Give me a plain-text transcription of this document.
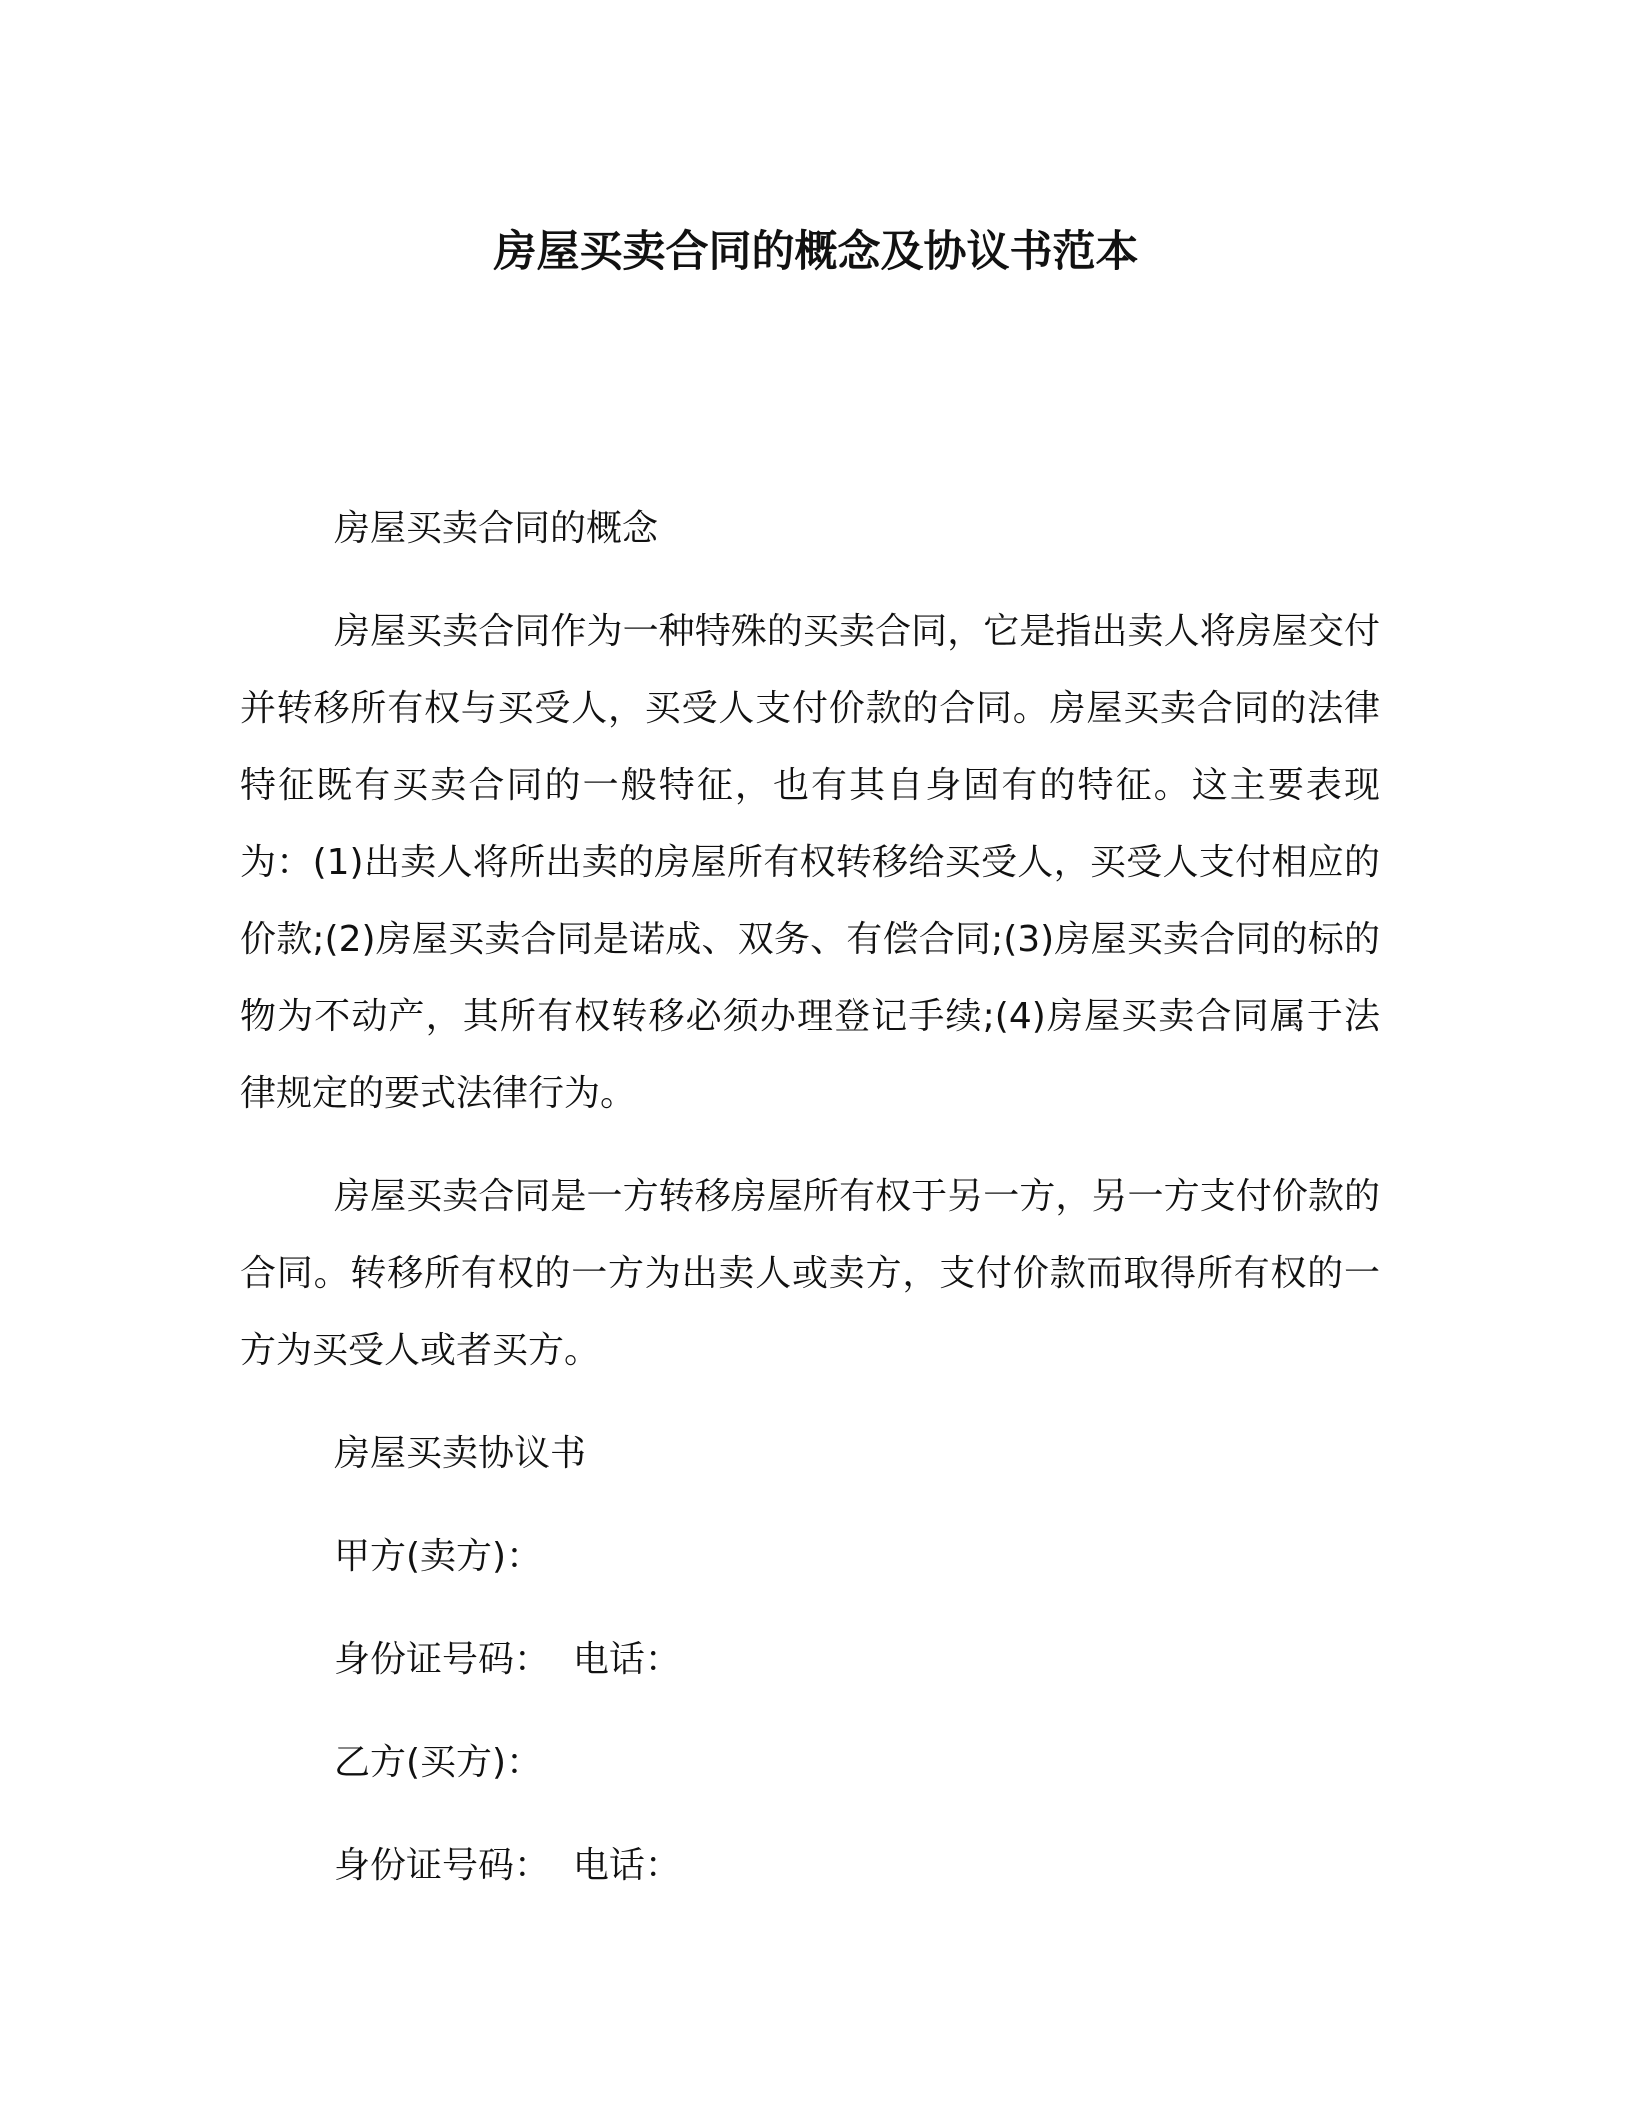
房屋买卖合同的概念及协议书范本

房屋买卖合同的概念

房屋买卖合同作为一种特殊的买卖合同，它是指出卖人将房屋交付并转移所有权与买受人，买受人支付价款的合同。房屋买卖合同的法律特征既有买卖合同的一般特征，也有其自身固有的特征。这主要表现为：(1)出卖人将所出卖的房屋所有权转移给买受人，买受人支付相应的价款;(2)房屋买卖合同是诺成、双务、有偿合同;(3)房屋买卖合同的标的物为不动产，其所有权转移必须办理登记手续;(4)房屋买卖合同属于法律规定的要式法律行为。

房屋买卖合同是一方转移房屋所有权于另一方，另一方支付价款的合同。转移所有权的一方为出卖人或卖方，支付价款而取得所有权的一方为买受人或者买方。

房屋买卖协议书

甲方(卖方)：

身份证号码：  电话：

乙方(买方)：

身份证号码：  电话：
